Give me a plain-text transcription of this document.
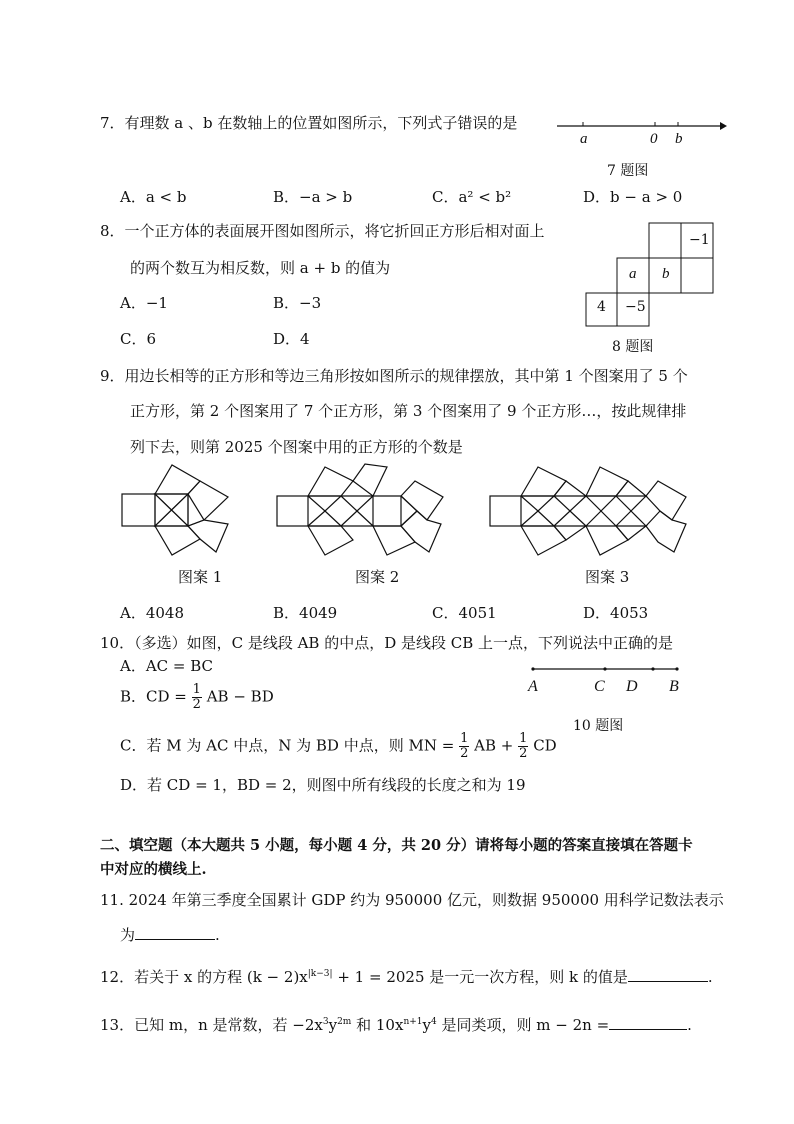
7．有理数 a 、b 在数轴上的位置如图所示，下列式子错误的是
a	0 b
7 题图
A．a < b	B．−a > b	C．a² < b²	D．b − a > 0
8．一个正方体的表面展开图如图所示，将它折回正方形后相对面上
的两个数互为相反数，则 a + b 的值为
A．−1	B．−3
C．6	D．4
−1
a b
4 −5
8 题图
9．用边长相等的正方形和等边三角形按如图所示的规律摆放，其中第 1 个图案用了 5 个
正方形，第 2 个图案用了 7 个正方形，第 3 个图案用了 9 个正方形…，按此规律排
列下去，则第 2025 个图案中用的正方形的个数是
图案 1	图案 2	图案 3
A．4048	B．4049	C．4051	D．4053
10．（多选）如图，C 是线段 AB 的中点，D 是线段 CB 上一点，下列说法中正确的是
A．AC = BC
B．CD = $\frac{1}{2}$ AB − BD
A	C D B
10 题图
C．若 M 为 AC 中点，N 为 BD 中点，则 MN = $\frac{1}{2}$ AB + $\frac{1}{2}$ CD
D．若 CD = 1，BD = 2，则图中所有线段的长度之和为 19
二、填空题（本大题共 5 小题，每小题 4 分，共 20 分）请将每小题的答案直接填在答题卡
中对应的横线上.
11. 2024 年第三季度全国累计 GDP 约为 950000 亿元，则数据 950000 用科学记数法表示
为	.
12．若关于 x 的方程 $(k - 2)x^{|k-3|} + 1 = 2025$ 是一元一次方程，则 k 的值是	.
13．已知 m，n 是常数，若 $-2x^3y^{2m}$ 和 $10x^{n+1}y^4$ 是同类项，则 m − 2n =	.
